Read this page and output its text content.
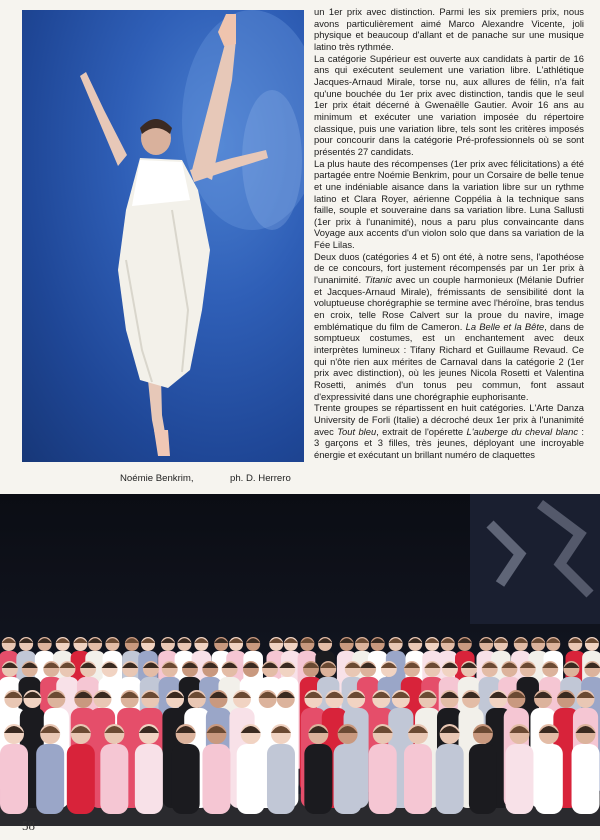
Noémie Benkrim,	ph. D. Herrero

un 1er prix avec distinction. Parmi les six premiers prix, nous avons particulièrement aimé Marco Alexandre Vicente, joli physique et beaucoup d'allant et de panache sur une musique latino très rythmée.

La catégorie Supérieur est ouverte aux candidats à partir de 16 ans qui exécutent seulement une variation libre. L'athlétique Jacques-Arnaud Mirale, torse nu, aux allures de félin, n'a fait qu'une bouchée du 1er prix avec distinction, tandis que le seul 1er prix était décerné à Gwenaëlle Gautier. Avoir 16 ans au minimum et exécuter une variation imposée du répertoire classique, puis une variation libre, tels sont les critères imposés pour concourir dans la catégorie Pré-professionnels où se sont présentés 27 candidats.

La plus haute des récompenses (1er prix avec félicitations) a été partagée entre Noémie Benkrim, pour un Corsaire de belle tenue et une indéniable aisance dans la variation libre sur un rythme latino et Clara Royer, aérienne Coppélia à la technique sans faille, souple et souveraine dans sa variation libre. Luna Sallusti (1er prix à l'unanimité), nous a paru plus convaincante dans Voyage aux accents d'un violon solo que dans sa variation de la Fée Lilas.

Deux duos (catégories 4 et 5) ont été, à notre sens, l'apothéose de ce concours, fort justement récompensés par un 1er prix à l'unanimité. Titanic avec un couple harmonieux (Mélanie Dufrier et Jacques-Arnaud Mirale), frémissants de sensibilité dont la voluptueuse chorégraphie se termine avec l'héroïne, bras tendus en croix, telle Rose Calvert sur la proue du navire, image emblématique du film de Cameron. La Belle et la Bête, dans de somptueux costumes, est un enchantement avec deux interprètes lumineux : Tifany Richard et Guillaume Revaud. Ce qui n'ôte rien aux mérites de Carnaval dans la catégorie 2 (1er prix avec distinction), où les jeunes Nicola Rosetti et Valentina Rosetti, animés d'un tonus peu commun, font assaut d'expressivité dans une chorégraphie euphorisante.

Trente groupes se répartissent en huit catégories. L'Arte Danza University de Forli (Italie) a décroché deux 1er prix à l'unanimité avec Tout bleu, extrait de l'opérette L'auberge du cheval blanc : 3 garçons et 3 filles, très jeunes, déployant une incroyable énergie et exécutant un brillant numéro de claquettes

58
